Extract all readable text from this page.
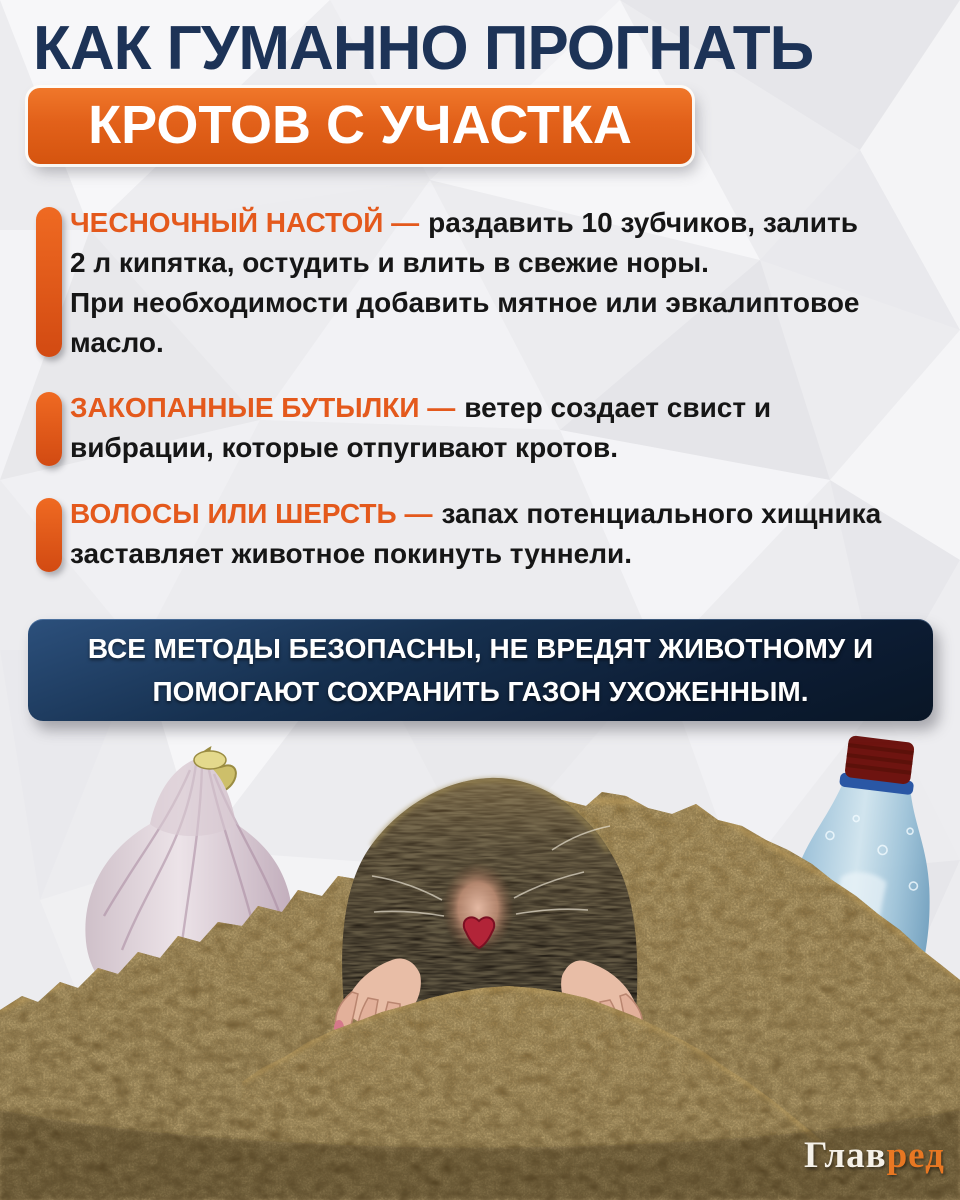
КАК ГУМАННО ПРОГНАТЬ
КРОТОВ С УЧАСТКА
ЧЕСНОЧНЫЙ НАСТОЙ — раздавить 10 зубчиков, залить
2 л кипятка, остудить и влить в свежие норы.
При необходимости добавить мятное или эвкалиптовое
масло.
ЗАКОПАННЫЕ БУТЫЛКИ — ветер создает свист и
вибрации, которые отпугивают кротов.
ВОЛОСЫ ИЛИ ШЕРСТЬ — запах потенциального хищника
заставляет животное покинуть туннели.
ВСЕ МЕТОДЫ БЕЗОПАСНЫ, НЕ ВРЕДЯТ ЖИВОТНОМУ И
ПОМОГАЮТ СОХРАНИТЬ ГАЗОН УХОЖЕННЫМ.
Главред
